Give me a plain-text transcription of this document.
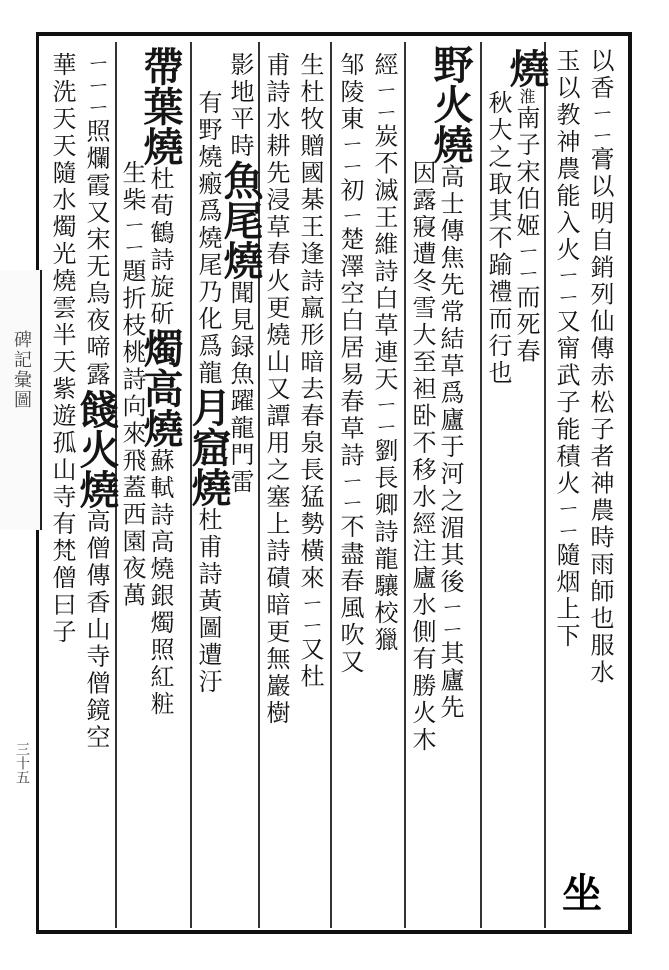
碑記彙圖
三十五
以香ㄧㄧ膏以明自銷列仙傳赤松子者神農時雨師也服水
玉以教神農能入火ㄧㄧ又甯武子能積火ㄧㄧ隨烟上下
燒淮南子宋伯姬ㄧㄧ而死春
秋大之取其不踰禮而行也
野火燒高士傳焦先常結草爲廬于河之湄其後ㄧㄧ其廬先
因露寢遭冬雪大至袒卧不移水經注廬水側有勝火木
經ㄧㄧ炭不滅王維詩白草連天ㄧㄧ劉長卿詩龍驤校獵
邹陵東ㄧㄧ初ㄧ楚澤空白居易春草詩ㄧㄧ不盡春風吹又
生杜牧贈國棊王逢詩羸形暗去春泉長猛勢橫來ㄧㄧ又杜
甫詩水耕先浸草春火更燒山又譚用之塞上詩磧暗更無巖樹
影地平時魚尾燒聞見録魚躍龍門雷
有野燒瘢爲燒尾乃化爲龍月窟燒杜甫詩黃圖遭汙
帶葉燒杜荀鶴詩旋斫燭高燒蘇軾詩高燒銀燭照紅粧
生柴ㄧㄧ題折枝桃詩向來飛蓋西園夜萬
ㄧㄧㄧ照爛霞又宋无烏夜啼露餞火燒高僧傳香山寺僧鏡空
華洗天天隨水燭光燒雲半天紫遊孤山寺有梵僧曰子
坐
